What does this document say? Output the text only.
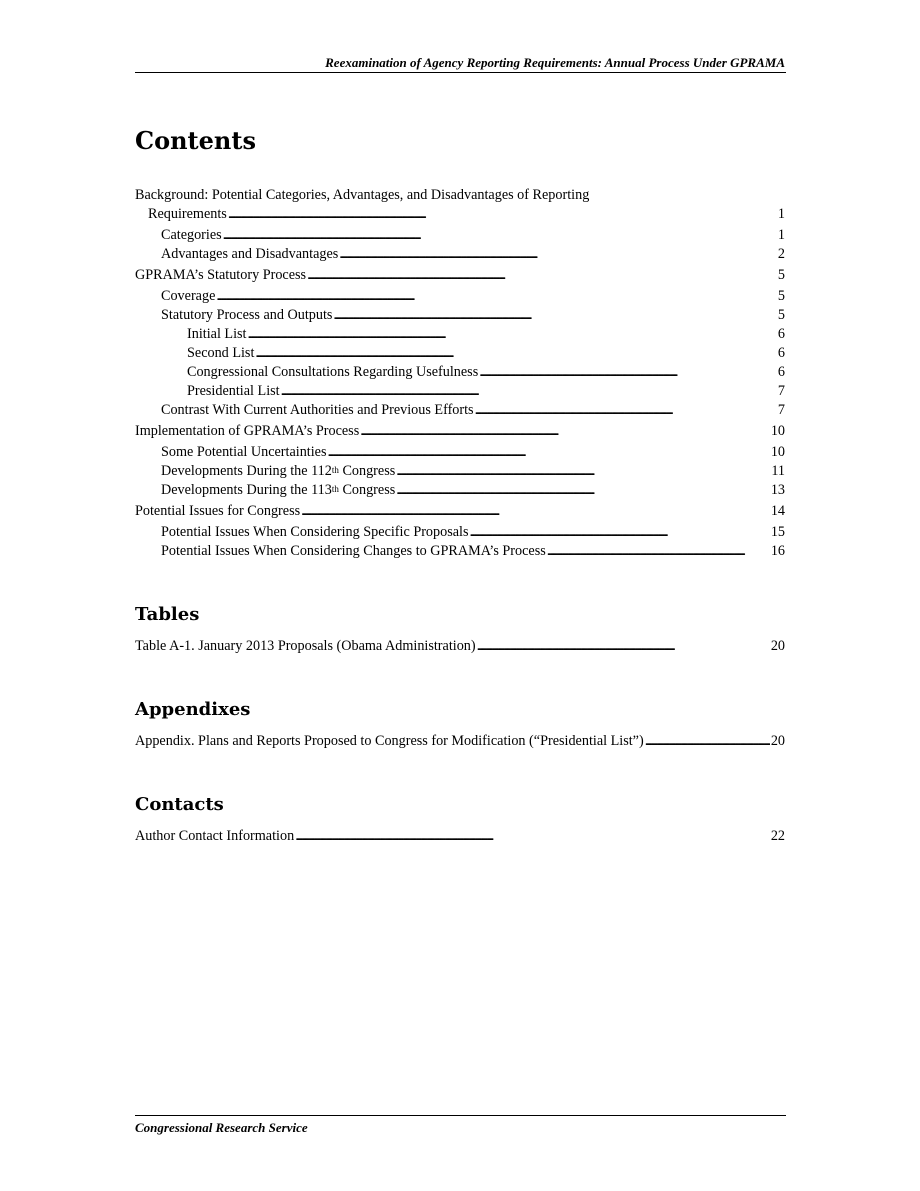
Reexamination of Agency Reporting Requirements: Annual Process Under GPRAMA
Contents
Background: Potential Categories, Advantages, and Disadvantages of Reporting
Requirements . . .	1
Categories . . .	1
Advantages and Disadvantages . . .	2
GPRAMA’s Statutory Process . . .	5
Coverage . . .	5
Statutory Process and Outputs . . .	5
Initial List . . .	6
Second List . . .	6
Congressional Consultations Regarding Usefulness . . .	6
Presidential List . . .	7
Contrast With Current Authorities and Previous Efforts . . .	7
Implementation of GPRAMA’s Process . . .	10
Some Potential Uncertainties . . .	10
Developments During the 112th Congress . . .	11
Developments During the 113th Congress . . .	13
Potential Issues for Congress . . .	14
Potential Issues When Considering Specific Proposals . . .	15
Potential Issues When Considering Changes to GPRAMA’s Process . . .	16
Tables
Table A-1. January 2013 Proposals (Obama Administration) . . .	20
Appendixes
Appendix. Plans and Reports Proposed to Congress for Modification (“Presidential List”) . . .	20
Contacts
Author Contact Information . . .	22
Congressional Research Service
